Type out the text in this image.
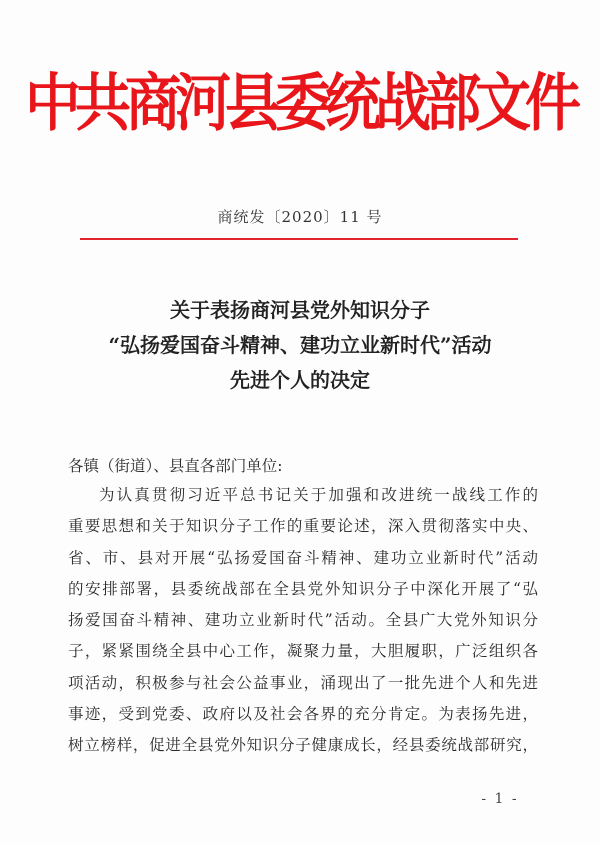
中共商河县委统战部文件
商统发〔2020〕11 号
关于表扬商河县党外知识分子
“弘扬爱国奋斗精神、建功立业新时代”活动
先进个人的决定
各镇（街道）、县直各部门单位:
为认真贯彻习近平总书记关于加强和改进统一战线工作的
重要思想和关于知识分子工作的重要论述，深入贯彻落实中央、
省、市、县对开展“弘扬爱国奋斗精神、建功立业新时代”活动
的安排部署，县委统战部在全县党外知识分子中深化开展了“弘
扬爱国奋斗精神、建功立业新时代”活动。全县广大党外知识分
子，紧紧围绕全县中心工作，凝聚力量，大胆履职，广泛组织各
项活动，积极参与社会公益事业，涌现出了一批先进个人和先进
事迹，受到党委、政府以及社会各界的充分肯定。为表扬先进，
树立榜样，促进全县党外知识分子健康成长，经县委统战部研究，
- 1 -
